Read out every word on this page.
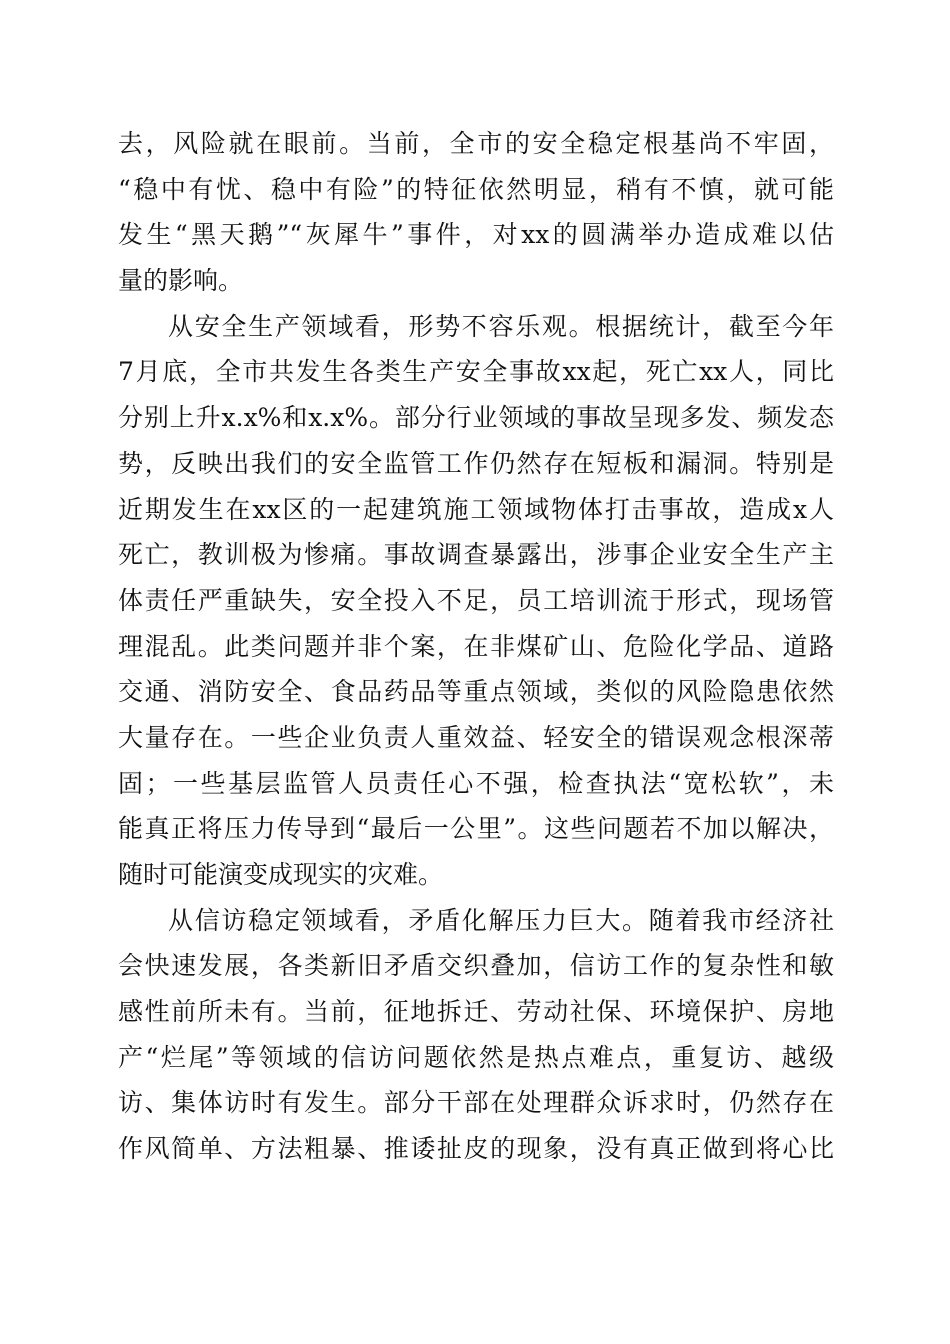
去，风险就在眼前。当前，全市的安全稳定根基尚不牢固，
“稳中有忧、稳中有险”的特征依然明显，稍有不慎，就可能
发生“黑天鹅”“灰犀牛”事件，对xx的圆满举办造成难以估
量的影响。
从安全生产领域看，形势不容乐观。根据统计，截至今年
7月底，全市共发生各类生产安全事故xx起，死亡xx人，同比
分别上升x.x%和x.x%。部分行业领域的事故呈现多发、频发态
势，反映出我们的安全监管工作仍然存在短板和漏洞。特别是
近期发生在xx区的一起建筑施工领域物体打击事故，造成x人
死亡，教训极为惨痛。事故调查暴露出，涉事企业安全生产主
体责任严重缺失，安全投入不足，员工培训流于形式，现场管
理混乱。此类问题并非个案，在非煤矿山、危险化学品、道路
交通、消防安全、食品药品等重点领域，类似的风险隐患依然
大量存在。一些企业负责人重效益、轻安全的错误观念根深蒂
固；一些基层监管人员责任心不强，检查执法“宽松软”，未
能真正将压力传导到“最后一公里”。这些问题若不加以解决，
随时可能演变成现实的灾难。
从信访稳定领域看，矛盾化解压力巨大。随着我市经济社
会快速发展，各类新旧矛盾交织叠加，信访工作的复杂性和敏
感性前所未有。当前，征地拆迁、劳动社保、环境保护、房地
产“烂尾”等领域的信访问题依然是热点难点，重复访、越级
访、集体访时有发生。部分干部在处理群众诉求时，仍然存在
作风简单、方法粗暴、推诿扯皮的现象，没有真正做到将心比
